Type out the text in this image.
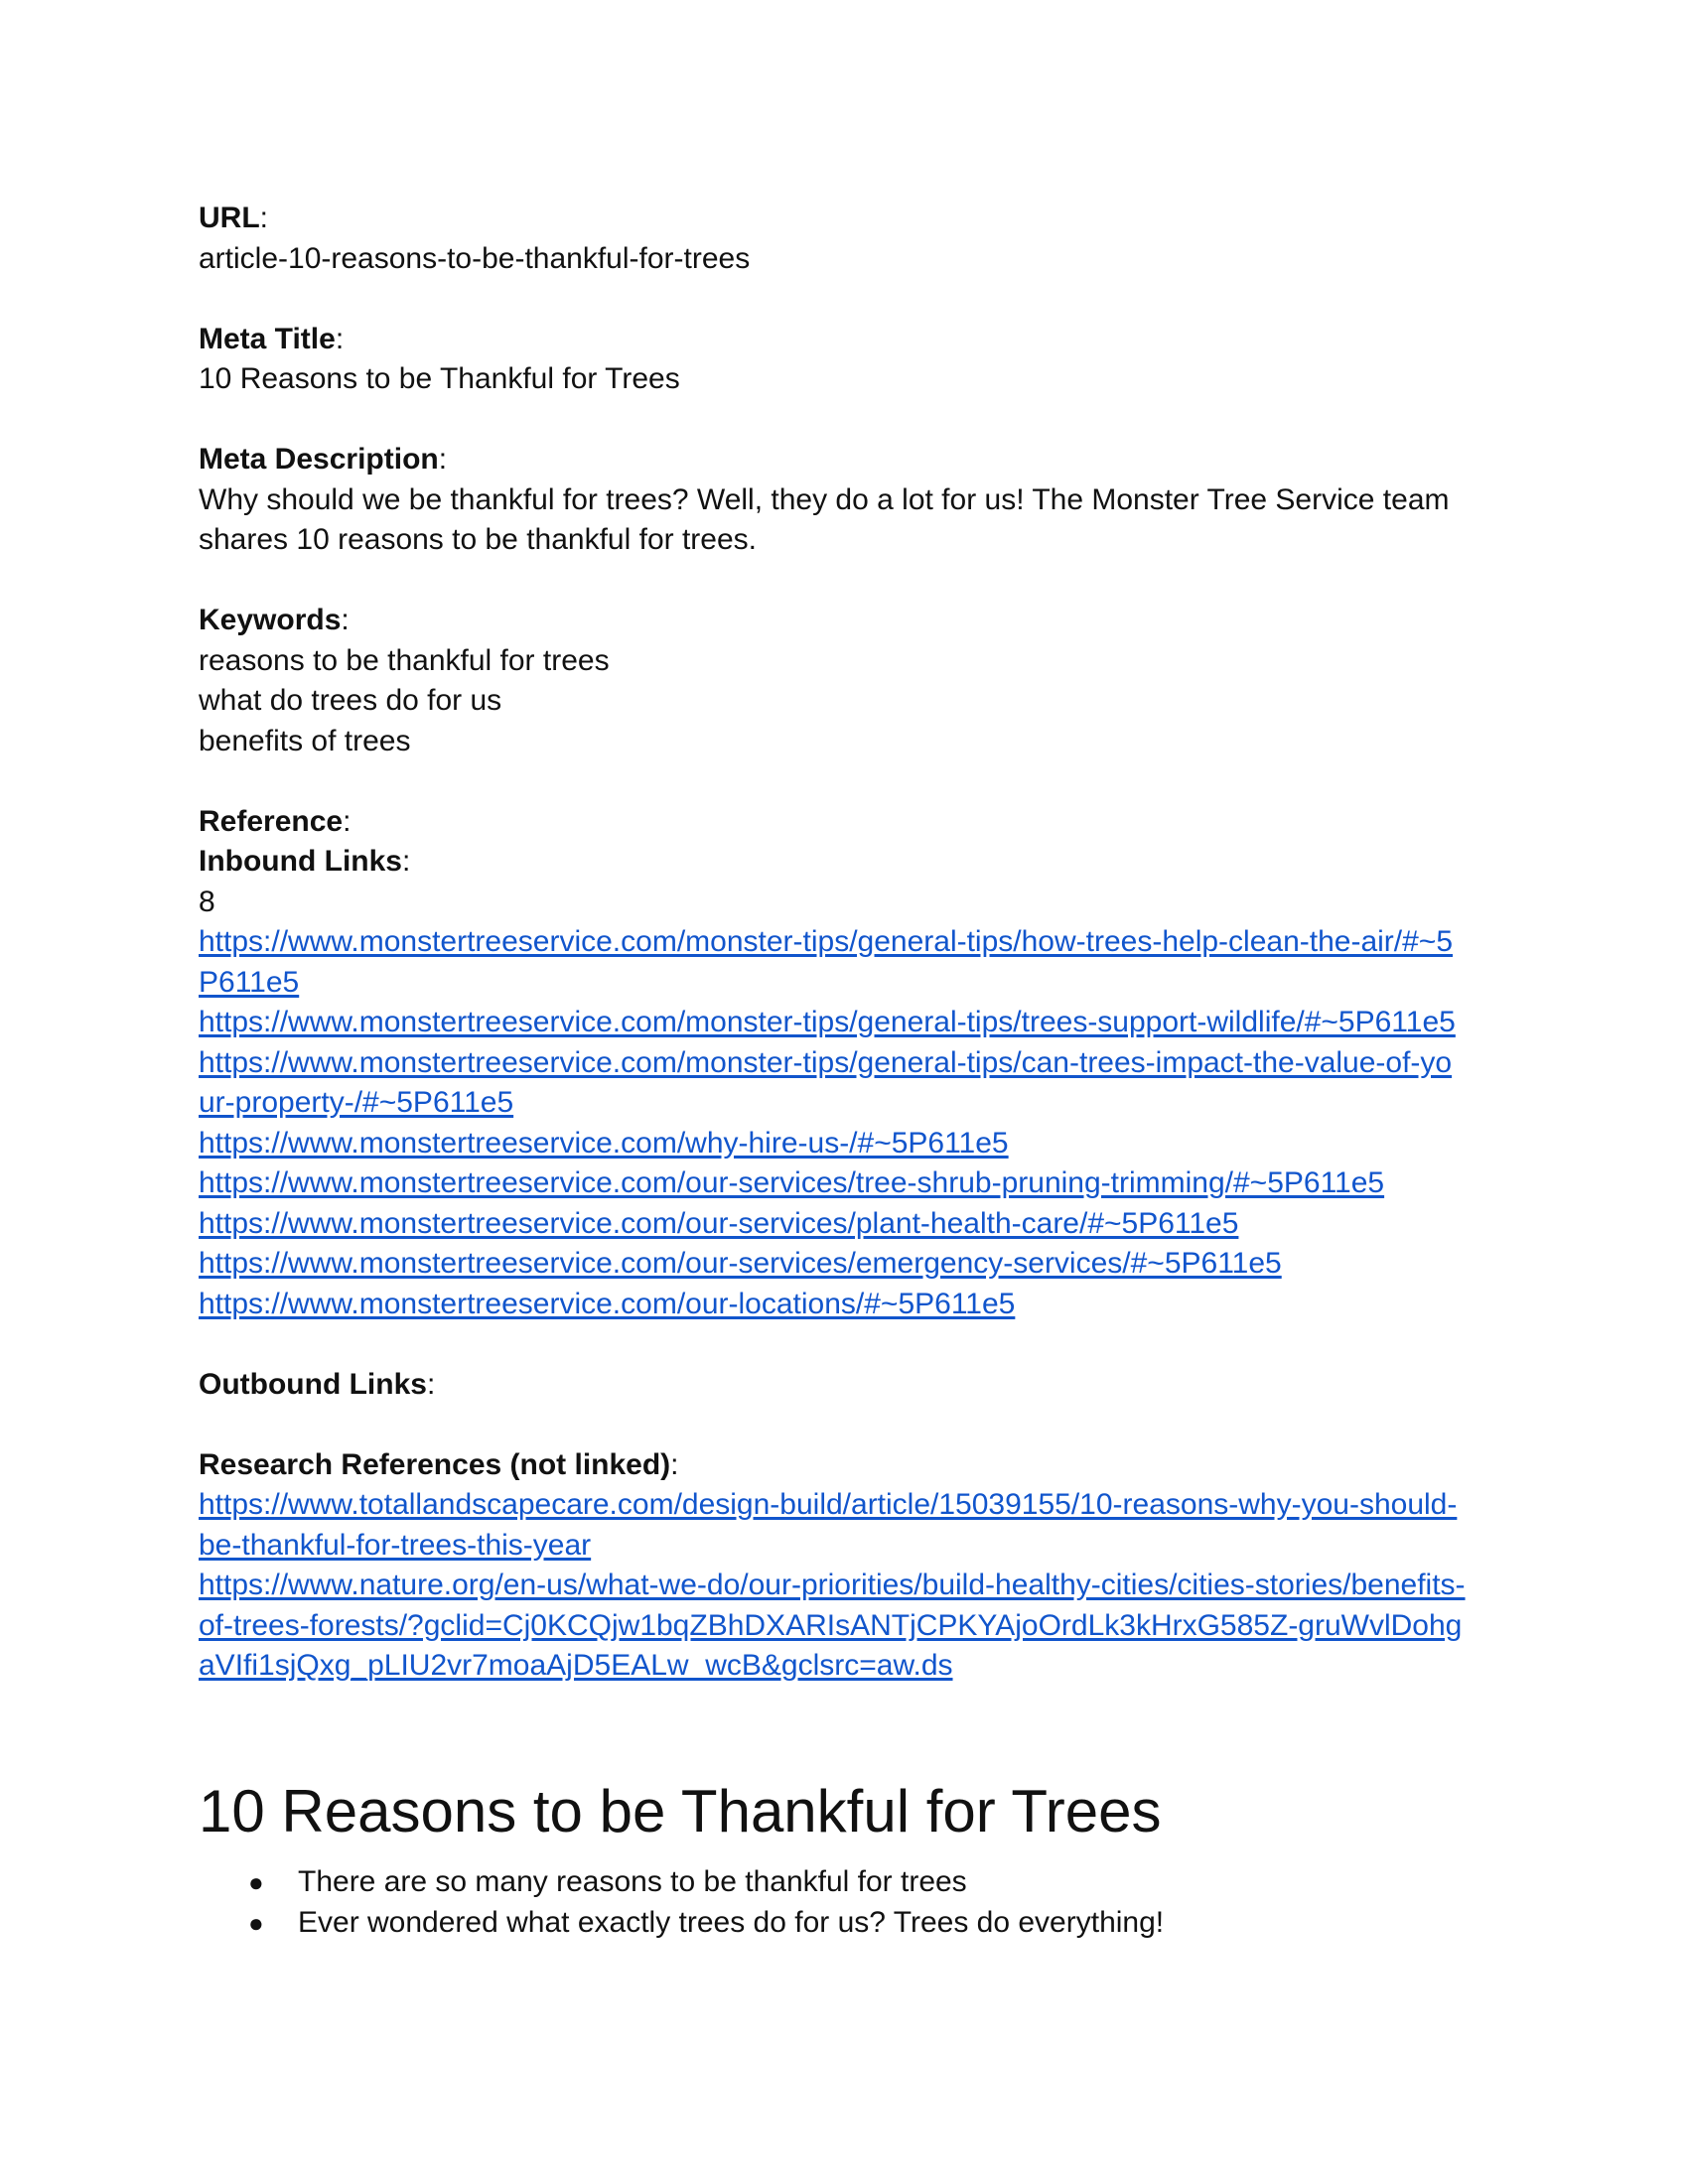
URL:
article-10-reasons-to-be-thankful-for-trees
Meta Title:
10 Reasons to be Thankful for Trees
Meta Description:
Why should we be thankful for trees? Well, they do a lot for us! The Monster Tree Service team
shares 10 reasons to be thankful for trees.
Keywords:
reasons to be thankful for trees
what do trees do for us
benefits of trees
Reference:
Inbound Links:
8
https://www.monstertreeservice.com/monster-tips/general-tips/how-trees-help-clean-the-air/#~5
P611e5
https://www.monstertreeservice.com/monster-tips/general-tips/trees-support-wildlife/#~5P611e5
https://www.monstertreeservice.com/monster-tips/general-tips/can-trees-impact-the-value-of-yo
ur-property-/#~5P611e5
https://www.monstertreeservice.com/why-hire-us-/#~5P611e5
https://www.monstertreeservice.com/our-services/tree-shrub-pruning-trimming/#~5P611e5
https://www.monstertreeservice.com/our-services/plant-health-care/#~5P611e5
https://www.monstertreeservice.com/our-services/emergency-services/#~5P611e5
https://www.monstertreeservice.com/our-locations/#~5P611e5
Outbound Links:
Research References (not linked):
https://www.totallandscapecare.com/design-build/article/15039155/10-reasons-why-you-should-
be-thankful-for-trees-this-year
https://www.nature.org/en-us/what-we-do/our-priorities/build-healthy-cities/cities-stories/benefits-
of-trees-forests/?gclid=Cj0KCQjw1bqZBhDXARIsANTjCPKYAjoOrdLk3kHrxG585Z-gruWvlDohg
aVIfi1sjQxg_pLIU2vr7moaAjD5EALw_wcB&gclsrc=aw.ds
10 Reasons to be Thankful for Trees
● There are so many reasons to be thankful for trees
● Ever wondered what exactly trees do for us? Trees do everything!
